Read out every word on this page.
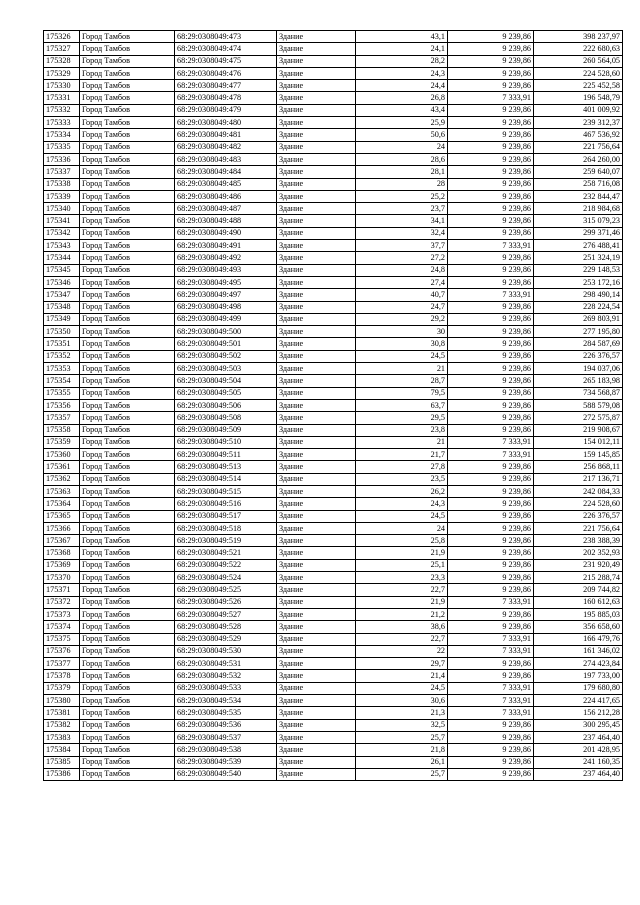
175326	Город Тамбов	68:29:0308049:473	Здание	43,1	9 239,86	398 237,97
175327	Город Тамбов	68:29:0308049:474	Здание	24,1	9 239,86	222 680,63
175328	Город Тамбов	68:29:0308049:475	Здание	28,2	9 239,86	260 564,05
175329	Город Тамбов	68:29:0308049:476	Здание	24,3	9 239,86	224 528,60
175330	Город Тамбов	68:29:0308049:477	Здание	24,4	9 239,86	225 452,58
175331	Город Тамбов	68:29:0308049:478	Здание	26,8	7 333,91	196 548,79
175332	Город Тамбов	68:29:0308049:479	Здание	43,4	9 239,86	401 009,92
175333	Город Тамбов	68:29:0308049:480	Здание	25,9	9 239,86	239 312,37
175334	Город Тамбов	68:29:0308049:481	Здание	50,6	9 239,86	467 536,92
175335	Город Тамбов	68:29:0308049:482	Здание	24	9 239,86	221 756,64
175336	Город Тамбов	68:29:0308049:483	Здание	28,6	9 239,86	264 260,00
175337	Город Тамбов	68:29:0308049:484	Здание	28,1	9 239,86	259 640,07
175338	Город Тамбов	68:29:0308049:485	Здание	28	9 239,86	258 716,08
175339	Город Тамбов	68:29:0308049:486	Здание	25,2	9 239,86	232 844,47
175340	Город Тамбов	68:29:0308049:487	Здание	23,7	9 239,86	218 984,68
175341	Город Тамбов	68:29:0308049:488	Здание	34,1	9 239,86	315 079,23
175342	Город Тамбов	68:29:0308049:490	Здание	32,4	9 239,86	299 371,46
175343	Город Тамбов	68:29:0308049:491	Здание	37,7	7 333,91	276 488,41
175344	Город Тамбов	68:29:0308049:492	Здание	27,2	9 239,86	251 324,19
175345	Город Тамбов	68:29:0308049:493	Здание	24,8	9 239,86	229 148,53
175346	Город Тамбов	68:29:0308049:495	Здание	27,4	9 239,86	253 172,16
175347	Город Тамбов	68:29:0308049:497	Здание	40,7	7 333,91	298 490,14
175348	Город Тамбов	68:29:0308049:498	Здание	24,7	9 239,86	228 224,54
175349	Город Тамбов	68:29:0308049:499	Здание	29,2	9 239,86	269 803,91
175350	Город Тамбов	68:29:0308049:500	Здание	30	9 239,86	277 195,80
175351	Город Тамбов	68:29:0308049:501	Здание	30,8	9 239,86	284 587,69
175352	Город Тамбов	68:29:0308049:502	Здание	24,5	9 239,86	226 376,57
175353	Город Тамбов	68:29:0308049:503	Здание	21	9 239,86	194 037,06
175354	Город Тамбов	68:29:0308049:504	Здание	28,7	9 239,86	265 183,98
175355	Город Тамбов	68:29:0308049:505	Здание	79,5	9 239,86	734 568,87
175356	Город Тамбов	68:29:0308049:506	Здание	63,7	9 239,86	588 579,08
175357	Город Тамбов	68:29:0308049:508	Здание	29,5	9 239,86	272 575,87
175358	Город Тамбов	68:29:0308049:509	Здание	23,8	9 239,86	219 908,67
175359	Город Тамбов	68:29:0308049:510	Здание	21	7 333,91	154 012,11
175360	Город Тамбов	68:29:0308049:511	Здание	21,7	7 333,91	159 145,85
175361	Город Тамбов	68:29:0308049:513	Здание	27,8	9 239,86	256 868,11
175362	Город Тамбов	68:29:0308049:514	Здание	23,5	9 239,86	217 136,71
175363	Город Тамбов	68:29:0308049:515	Здание	26,2	9 239,86	242 084,33
175364	Город Тамбов	68:29:0308049:516	Здание	24,3	9 239,86	224 528,60
175365	Город Тамбов	68:29:0308049:517	Здание	24,5	9 239,86	226 376,57
175366	Город Тамбов	68:29:0308049:518	Здание	24	9 239,86	221 756,64
175367	Город Тамбов	68:29:0308049:519	Здание	25,8	9 239,86	238 388,39
175368	Город Тамбов	68:29:0308049:521	Здание	21,9	9 239,86	202 352,93
175369	Город Тамбов	68:29:0308049:522	Здание	25,1	9 239,86	231 920,49
175370	Город Тамбов	68:29:0308049:524	Здание	23,3	9 239,86	215 288,74
175371	Город Тамбов	68:29:0308049:525	Здание	22,7	9 239,86	209 744,82
175372	Город Тамбов	68:29:0308049:526	Здание	21,9	7 333,91	160 612,63
175373	Город Тамбов	68:29:0308049:527	Здание	21,2	9 239,86	195 885,03
175374	Город Тамбов	68:29:0308049:528	Здание	38,6	9 239,86	356 658,60
175375	Город Тамбов	68:29:0308049:529	Здание	22,7	7 333,91	166 479,76
175376	Город Тамбов	68:29:0308049:530	Здание	22	7 333,91	161 346,02
175377	Город Тамбов	68:29:0308049:531	Здание	29,7	9 239,86	274 423,84
175378	Город Тамбов	68:29:0308049:532	Здание	21,4	9 239,86	197 733,00
175379	Город Тамбов	68:29:0308049:533	Здание	24,5	7 333,91	179 680,80
175380	Город Тамбов	68:29:0308049:534	Здание	30,6	7 333,91	224 417,65
175381	Город Тамбов	68:29:0308049:535	Здание	21,3	7 333,91	156 212,28
175382	Город Тамбов	68:29:0308049:536	Здание	32,5	9 239,86	300 295,45
175383	Город Тамбов	68:29:0308049:537	Здание	25,7	9 239,86	237 464,40
175384	Город Тамбов	68:29:0308049:538	Здание	21,8	9 239,86	201 428,95
175385	Город Тамбов	68:29:0308049:539	Здание	26,1	9 239,86	241 160,35
175386	Город Тамбов	68:29:0308049:540	Здание	25,7	9 239,86	237 464,40
